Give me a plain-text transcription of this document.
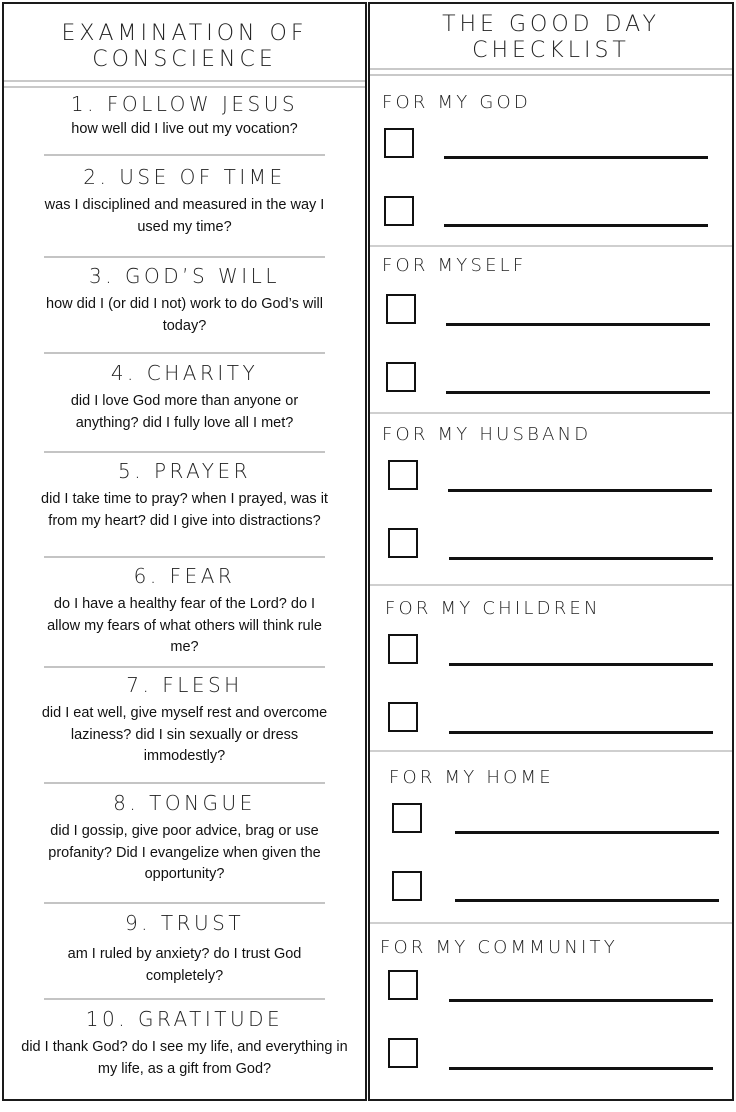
EXAMINATION OF
CONSCIENCE
1. FOLLOW JESUS
how well did I live out my vocation?
2. USE OF TIME
was I disciplined and measured in the way I used my time?
3. GOD’S WILL
how did I (or did I not) work to do God’s will today?
4. CHARITY
did I love God more than anyone or anything? did I fully love all I met?
5. PRAYER
did I take time to pray? when I prayed, was it from my heart? did I give into distractions?
6. FEAR
do I have a healthy fear of the Lord? do I allow my fears of what others will think rule me?
7. FLESH
did I eat well, give myself rest and overcome laziness? did I sin sexually or dress immodestly?
8. TONGUE
did I gossip, give poor advice, brag or use profanity? Did I evangelize when given the opportunity?
9. TRUST
am I ruled by anxiety? do I trust God completely?
10. GRATITUDE
did I thank God? do I see my life, and everything in my life, as a gift from God?
THE GOOD DAY
CHECKLIST
FOR MY GOD
FOR MYSELF
FOR MY HUSBAND
FOR MY CHILDREN
FOR MY HOME
FOR MY COMMUNITY
